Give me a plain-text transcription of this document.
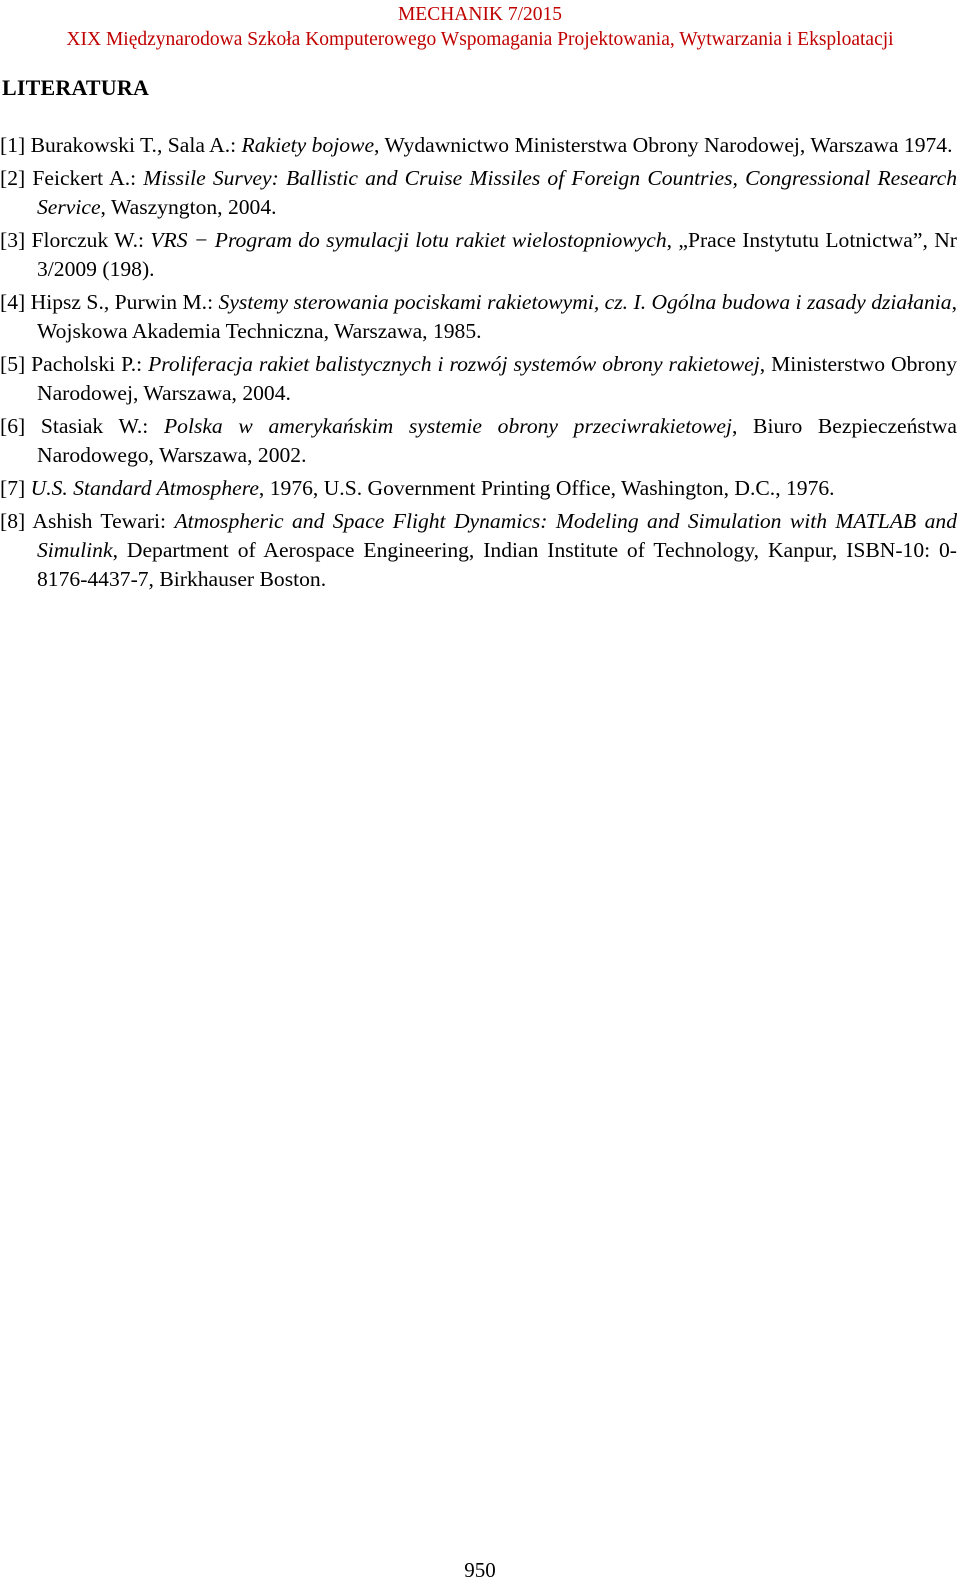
MECHANIK 7/2015
XIX Międzynarodowa Szkoła Komputerowego Wspomagania Projektowania, Wytwarzania i Eksploatacji
LITERATURA
[1] Burakowski T., Sala A.: Rakiety bojowe, Wydawnictwo Ministerstwa Obrony Narodowej, Warszawa 1974.
[2] Feickert A.: Missile Survey: Ballistic and Cruise Missiles of Foreign Countries, Congressional Research Service, Waszyngton, 2004.
[3] Florczuk W.: VRS − Program do symulacji lotu rakiet wielostopniowych, „Prace Instytutu Lotnictwa”, Nr 3/2009 (198).
[4] Hipsz S., Purwin M.: Systemy sterowania pociskami rakietowymi, cz. I. Ogólna budowa i zasady działania, Wojskowa Akademia Techniczna, Warszawa, 1985.
[5] Pacholski P.: Proliferacja rakiet balistycznych i rozwój systemów obrony rakietowej, Ministerstwo Obrony Narodowej, Warszawa, 2004.
[6] Stasiak W.: Polska w amerykańskim systemie obrony przeciwrakietowej, Biuro Bezpieczeństwa Narodowego, Warszawa, 2002.
[7] U.S. Standard Atmosphere, 1976, U.S. Government Printing Office, Washington, D.C., 1976.
[8] Ashish Tewari: Atmospheric and Space Flight Dynamics: Modeling and Simulation with MATLAB and Simulink, Department of Aerospace Engineering, Indian Institute of Technology, Kanpur, ISBN-10: 0-8176-4437-7, Birkhauser Boston.
950
